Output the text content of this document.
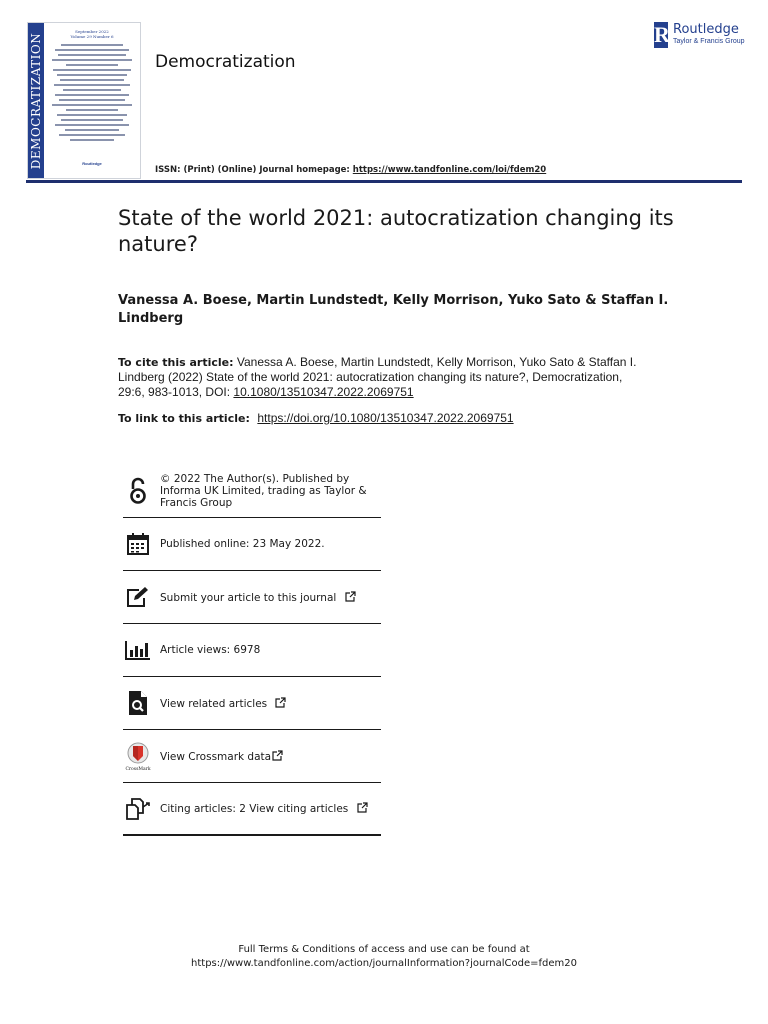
DEMOCRATIZATION
September 2022
Volume 29 Number 6
Routledge
Democratization
ISSN: (Print) (Online) Journal homepage: https://www.tandfonline.com/loi/fdem20
R Routledge
Taylor & Francis Group
State of the world 2021: autocratization changing its nature?
Vanessa A. Boese, Martin Lundstedt, Kelly Morrison, Yuko Sato & Staffan I. Lindberg
To cite this article: Vanessa A. Boese, Martin Lundstedt, Kelly Morrison, Yuko Sato & Staffan I. Lindberg (2022) State of the world 2021: autocratization changing its nature?, Democratization, 29:6, 983-1013, DOI: 10.1080/13510347.2022.2069751
To link to this article: https://doi.org/10.1080/13510347.2022.2069751
© 2022 The Author(s). Published by Informa UK Limited, trading as Taylor & Francis Group
Published online: 23 May 2022.
Submit your article to this journal
Article views: 6978
View related articles
CrossMark
View Crossmark data
Citing articles: 2 View citing articles
Full Terms & Conditions of access and use can be found at
https://www.tandfonline.com/action/journalInformation?journalCode=fdem20
